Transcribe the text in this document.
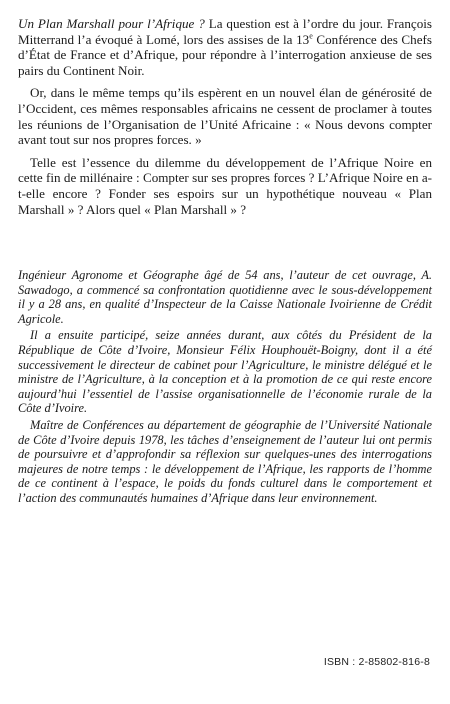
Un Plan Marshall pour l’Afrique ? La question est à l’ordre du jour. François Mitterrand l’a évoqué à Lomé, lors des assises de la 13e Conférence des Chefs d’État de France et d’Afrique, pour répondre à l’interrogation anxieuse de ses pairs du Continent Noir.

Or, dans le même temps qu’ils espèrent en un nouvel élan de générosité de l’Occident, ces mêmes responsables africains ne cessent de proclamer à toutes les réunions de l’Organisation de l’Unité Africaine : « Nous devons compter avant tout sur nos propres forces. »

Telle est l’essence du dilemme du développement de l’Afrique Noire en cette fin de millénaire : Compter sur ses propres forces ? L’Afrique Noire en a-t-elle encore ? Fonder ses espoirs sur un hypothétique nouveau « Plan Marshall » ? Alors quel « Plan Marshall » ?

Ingénieur Agronome et Géographe âgé de 54 ans, l’auteur de cet ouvrage, A. Sawadogo, a commencé sa confrontation quotidienne avec le sous-développement il y a 28 ans, en qualité d’Inspecteur de la Caisse Nationale Ivoirienne de Crédit Agricole.

Il a ensuite participé, seize années durant, aux côtés du Président de la République de Côte d’Ivoire, Monsieur Félix Houphouët-Boigny, dont il a été successivement le directeur de cabinet pour l’Agriculture, le ministre délégué et le ministre de l’Agriculture, à la conception et à la promotion de ce qui reste encore aujourd’hui l’essentiel de l’assise organisationnelle de l’économie rurale de la Côte d’Ivoire.

Maître de Conférences au département de géographie de l’Université Nationale de Côte d’Ivoire depuis 1978, les tâches d’enseignement de l’auteur lui ont permis de poursuivre et d’approfondir sa réflexion sur quelques-unes des interrogations majeures de notre temps : le développement de l’Afrique, les rapports de l’homme de ce continent à l’espace, le poids du fonds culturel dans le comportement et l’action des communautés humaines d’Afrique dans leur environnement.

ISBN : 2-85802-816-8
